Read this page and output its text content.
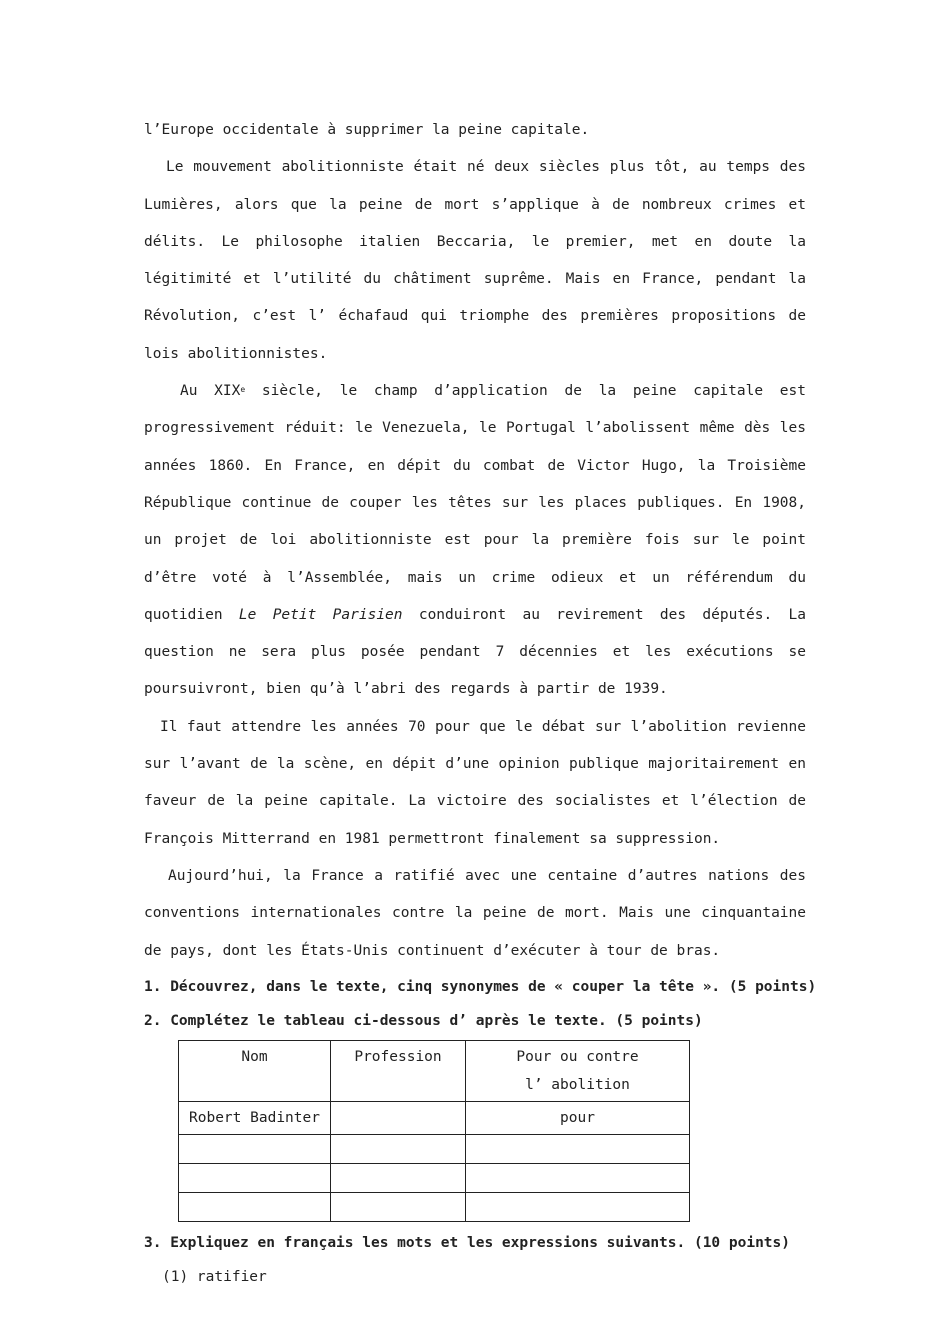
l’Europe occidentale à supprimer la peine capitale.

Le mouvement abolitionniste était né deux siècles plus tôt, au temps des Lumières, alors que la peine de mort s’applique à de nombreux crimes et délits. Le philosophe italien Beccaria, le premier, met en doute la légitimité et l’utilité du châtiment suprême. Mais en France, pendant la Révolution, c’est l’ échafaud qui triomphe des premières propositions de lois abolitionnistes.

Au XIXe siècle, le champ d’application de la peine capitale est progressivement réduit: le Venezuela, le Portugal l’abolissent même dès les années 1860. En France, en dépit du combat de Victor Hugo, la Troisième République continue de couper les têtes sur les places publiques. En 1908, un projet de loi abolitionniste est pour la première fois sur le point d’être voté à l’Assemblée, mais un crime odieux et un référendum du quotidien Le Petit Parisien conduiront au revirement des députés. La question ne sera plus posée pendant 7 décennies et les exécutions se poursuivront, bien qu’à l’abri des regards à partir de 1939.

Il faut attendre les années 70 pour que le débat sur l’abolition revienne sur l’avant de la scène, en dépit d’une opinion publique majoritairement en faveur de la peine capitale. La victoire des socialistes et l’élection de François Mitterrand en 1981 permettront finalement sa suppression.

Aujourd’hui, la France a ratifié avec une centaine d’autres nations des conventions internationales contre la peine de mort. Mais une cinquantaine de pays, dont les États-Unis continuent d’exécuter à tour de bras.

1. Découvrez, dans le texte, cinq synonymes de « couper la tête ». (5 points)

2. Complétez le tableau ci-dessous d’ après le texte. (5 points)

Nom	Profession	Pour ou contre
l’ abolition
Robert Badinter		pour

3. Expliquez en français les mots et les expressions suivants. (10 points)

(1) ratifier
